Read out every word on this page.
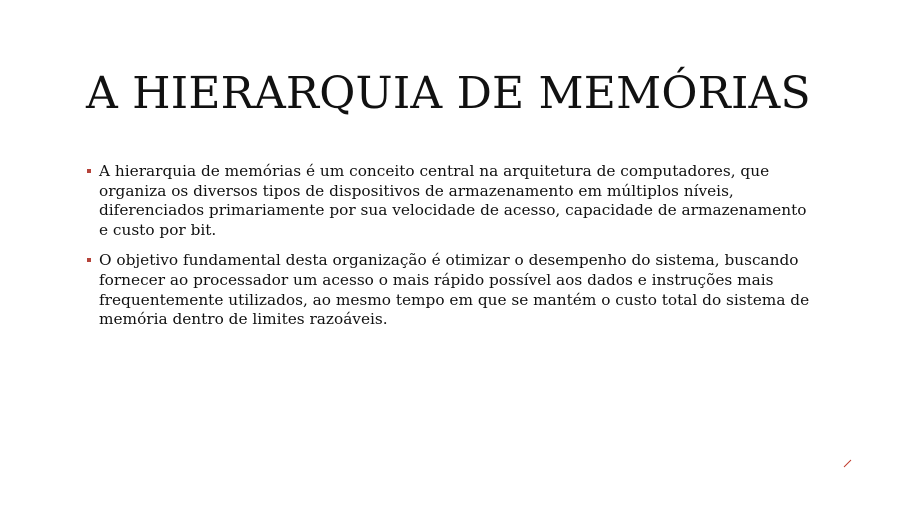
A HIERARQUIA DE MEMÓRIAS
A hierarquia de memórias é um conceito central na arquitetura de computadores, que organiza os diversos tipos de dispositivos de armazenamento em múltiplos níveis, diferenciados primariamente por sua velocidade de acesso, capacidade de armazenamento e custo por bit.
O objetivo fundamental desta organização é otimizar o desempenho do sistema, buscando fornecer ao processador um acesso o mais rápido possível aos dados e instruções mais frequentemente utilizados, ao mesmo tempo em que se mantém o custo total do sistema de memória dentro de limites razoáveis.
